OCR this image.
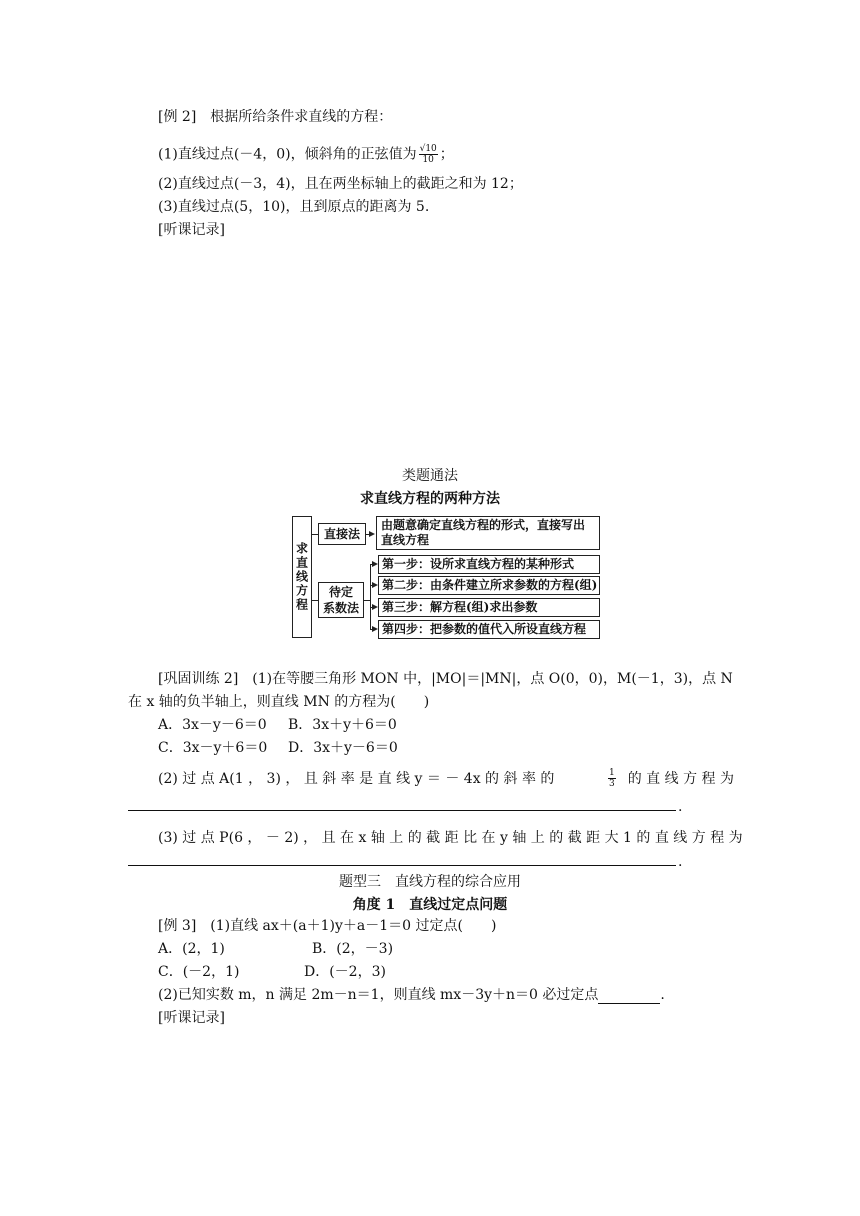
[例 2]　根据所给条件求直线的方程：
(1)直线过点(－4，0)，倾斜角的正弦值为 $\frac{√10}{10}$ ；
(2)直线过点(－3，4)，且在两坐标轴上的截距之和为 12；
(3)直线过点(5，10)，且到原点的距离为 5.
[听课记录]
类题通法
求直线方程的两种方法
求直线方程
直接法
由题意确定直线方程的形式，直接写出
直线方程
待定
系数法
第一步：设所求直线方程的某种形式
第二步：由条件建立所求参数的方程(组)
第三步：解方程(组)求出参数
第四步：把参数的值代入所设直线方程
[巩固训练 2]　(1)在等腰三角形 MON 中，|MO|＝|MN|，点 O(0，0)，M(－1，3)，点 N
在 x 轴的负半轴上，则直线 MN 的方程为(　　)
A．3x－y－6＝0 B．3x＋y＋6＝0
C．3x－y＋6＝0 D．3x＋y－6＝0
(2) 过 点 A(1 ， 3) ， 且 斜 率 是 直 线 y ＝ － 4x 的 斜 率 的	$\frac{1}{3}$ 的 直 线 方 程 为
.
(3) 过 点 P(6 ， － 2) ， 且 在 x 轴 上 的 截 距 比 在 y 轴 上 的 截 距 大 1 的 直 线 方 程 为
.
题型三　直线方程的综合应用
角度 1　直线过定点问题
[例 3]　(1)直线 ax＋(a＋1)y＋a－1＝0 过定点(　　)
A．(2，1)	B．(2，－3)
C．(－2，1)	D．(－2，3)
(2)已知实数 m，n 满足 2m－n＝1，则直线 mx－3y＋n＝0 必过定点	.
[听课记录]
